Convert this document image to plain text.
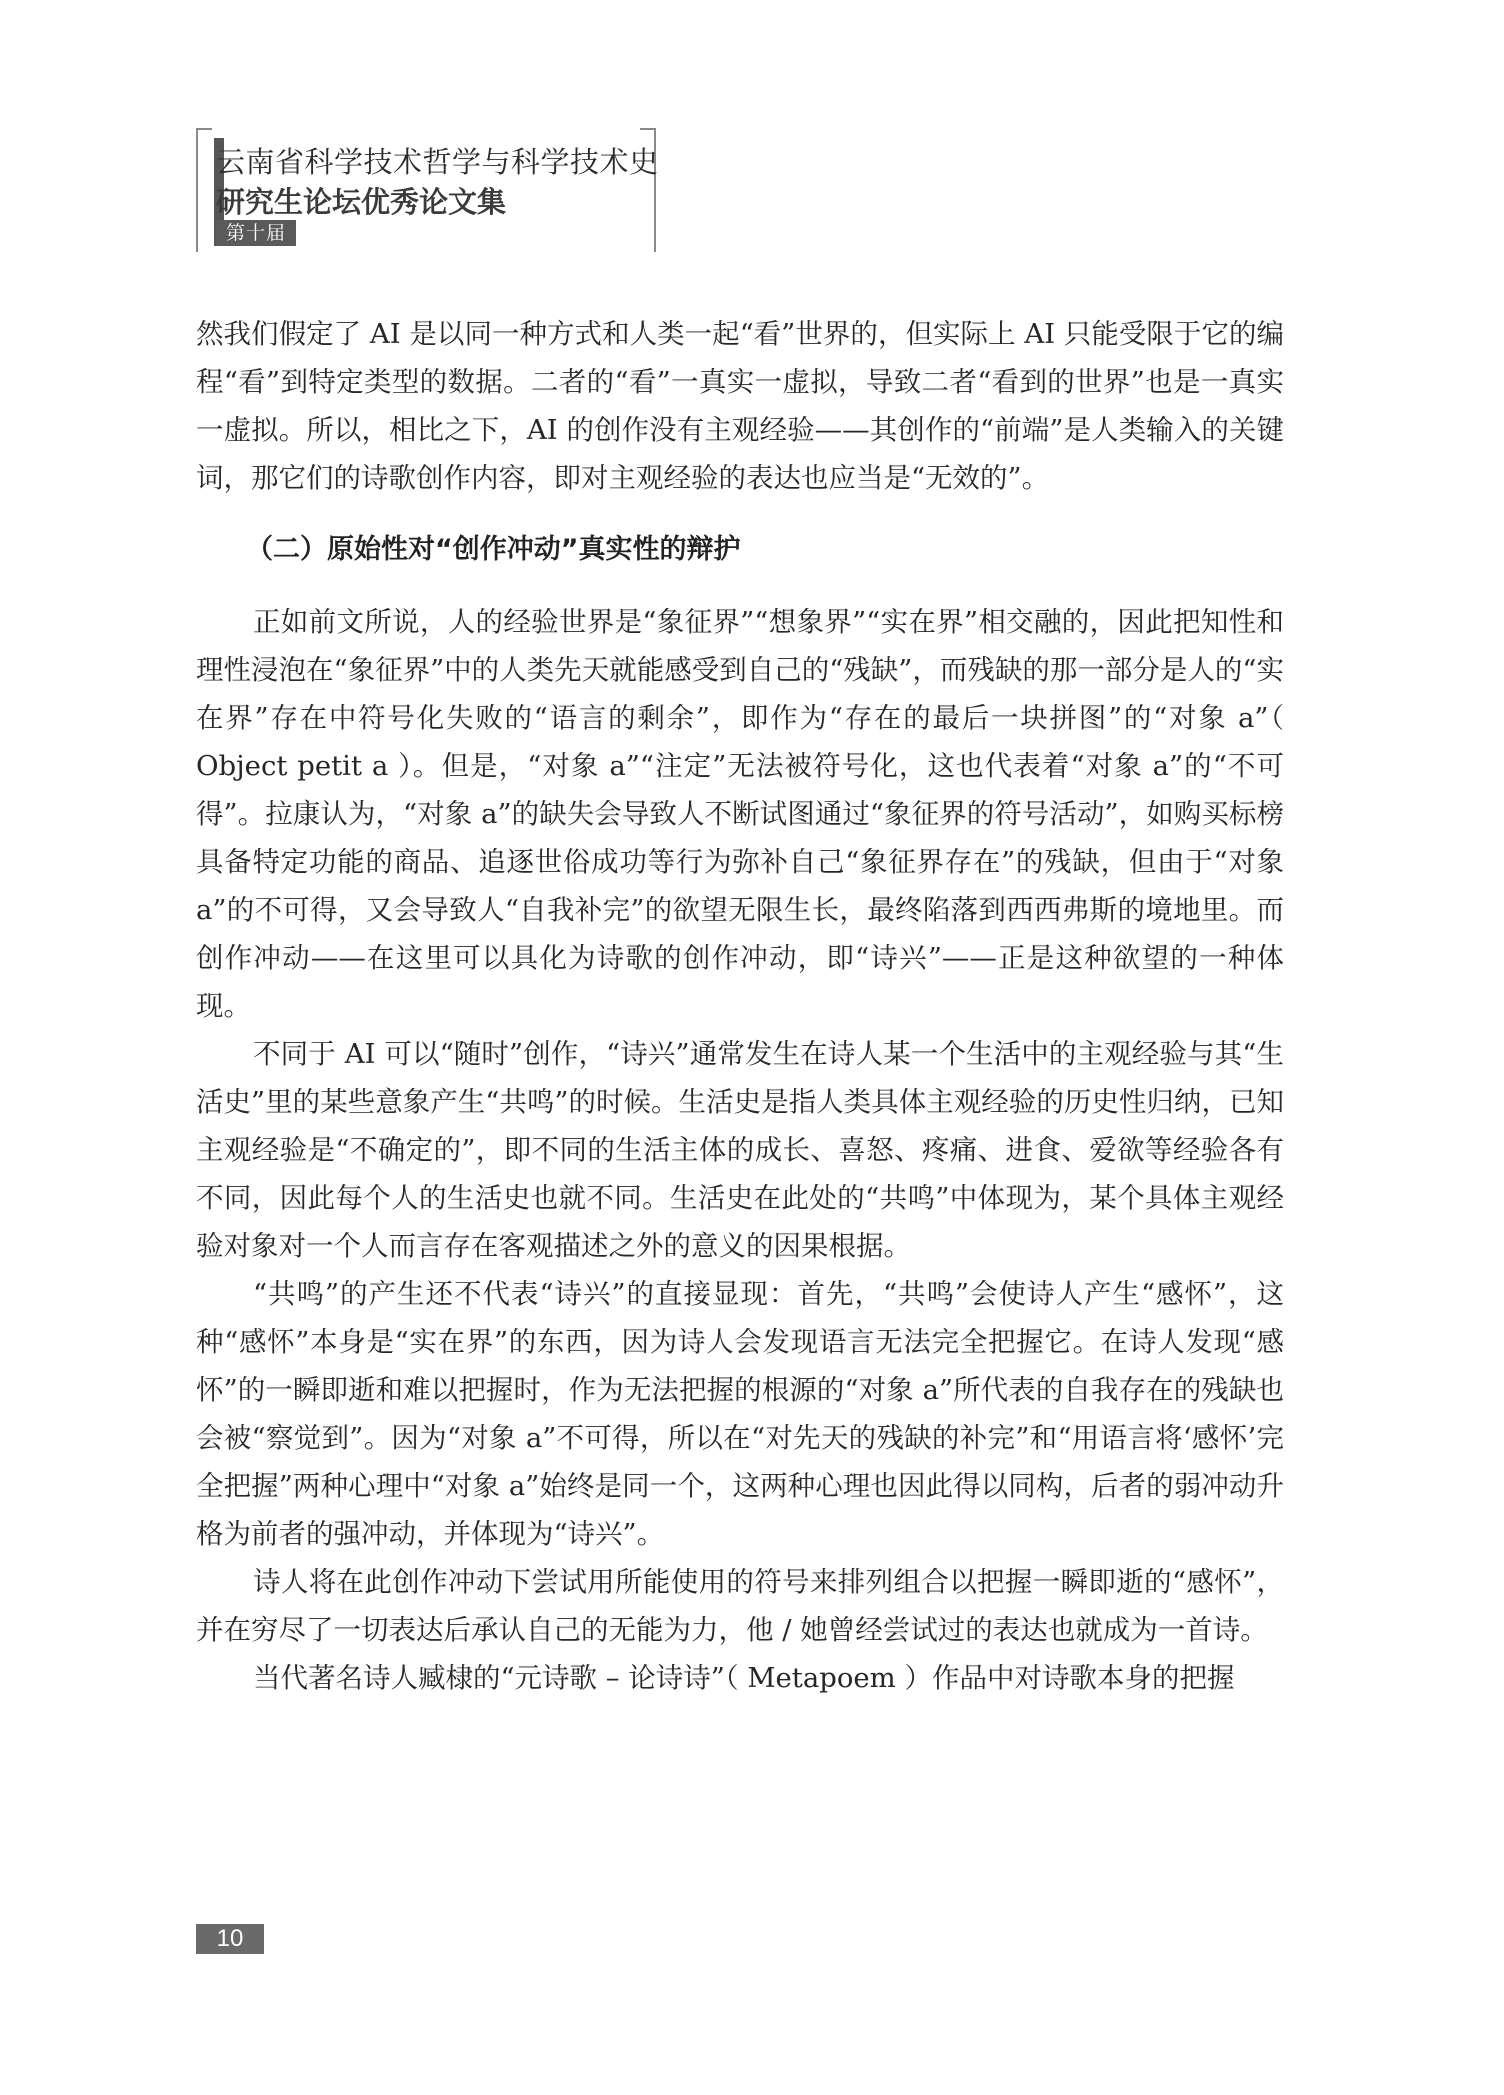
云南省科学技术哲学与科学技术史
研究生论坛优秀论文集
第十届

然我们假定了 AI 是以同一种方式和人类一起“看”世界的，但实际上 AI 只能受限于它的编程“看”到特定类型的数据。二者的“看”一真实一虚拟，导致二者“看到的世界”也是一真实一虚拟。所以，相比之下，AI 的创作没有主观经验——其创作的“前端”是人类输入的关键词，那它们的诗歌创作内容，即对主观经验的表达也应当是“无效的”。

（二）原始性对“创作冲动”真实性的辩护

正如前文所说，人的经验世界是“象征界”“想象界”“实在界”相交融的，因此把知性和理性浸泡在“象征界”中的人类先天就能感受到自己的“残缺”，而残缺的那一部分是人的“实在界”存在中符号化失败的“语言的剩余”，即作为“存在的最后一块拼图”的“对象 a”（ Object petit a ）。但是，“对象 a”“注定”无法被符号化，这也代表着“对象 a”的“不可得”。拉康认为，“对象 a”的缺失会导致人不断试图通过“象征界的符号活动”，如购买标榜具备特定功能的商品、追逐世俗成功等行为弥补自己“象征界存在”的残缺，但由于“对象 a”的不可得，又会导致人“自我补完”的欲望无限生长，最终陷落到西西弗斯的境地里。而创作冲动——在这里可以具化为诗歌的创作冲动，即“诗兴”——正是这种欲望的一种体现。

不同于 AI 可以“随时”创作，“诗兴”通常发生在诗人某一个生活中的主观经验与其“生活史”里的某些意象产生“共鸣”的时候。生活史是指人类具体主观经验的历史性归纳，已知主观经验是“不确定的”，即不同的生活主体的成长、喜怒、疼痛、进食、爱欲等经验各有不同，因此每个人的生活史也就不同。生活史在此处的“共鸣”中体现为，某个具体主观经验对象对一个人而言存在客观描述之外的意义的因果根据。

“共鸣”的产生还不代表“诗兴”的直接显现：首先，“共鸣”会使诗人产生“感怀”，这种“感怀”本身是“实在界”的东西，因为诗人会发现语言无法完全把握它。在诗人发现“感怀”的一瞬即逝和难以把握时，作为无法把握的根源的“对象 a”所代表的自我存在的残缺也会被“察觉到”。因为“对象 a”不可得，所以在“对先天的残缺的补完”和“用语言将‘感怀’完全把握”两种心理中“对象 a”始终是同一个，这两种心理也因此得以同构，后者的弱冲动升格为前者的强冲动，并体现为“诗兴”。

诗人将在此创作冲动下尝试用所能使用的符号来排列组合以把握一瞬即逝的“感怀”，并在穷尽了一切表达后承认自己的无能为力，他 / 她曾经尝试过的表达也就成为一首诗。

当代著名诗人臧棣的“元诗歌 – 论诗诗”（ Metapoem ）作品中对诗歌本身的把握

10
